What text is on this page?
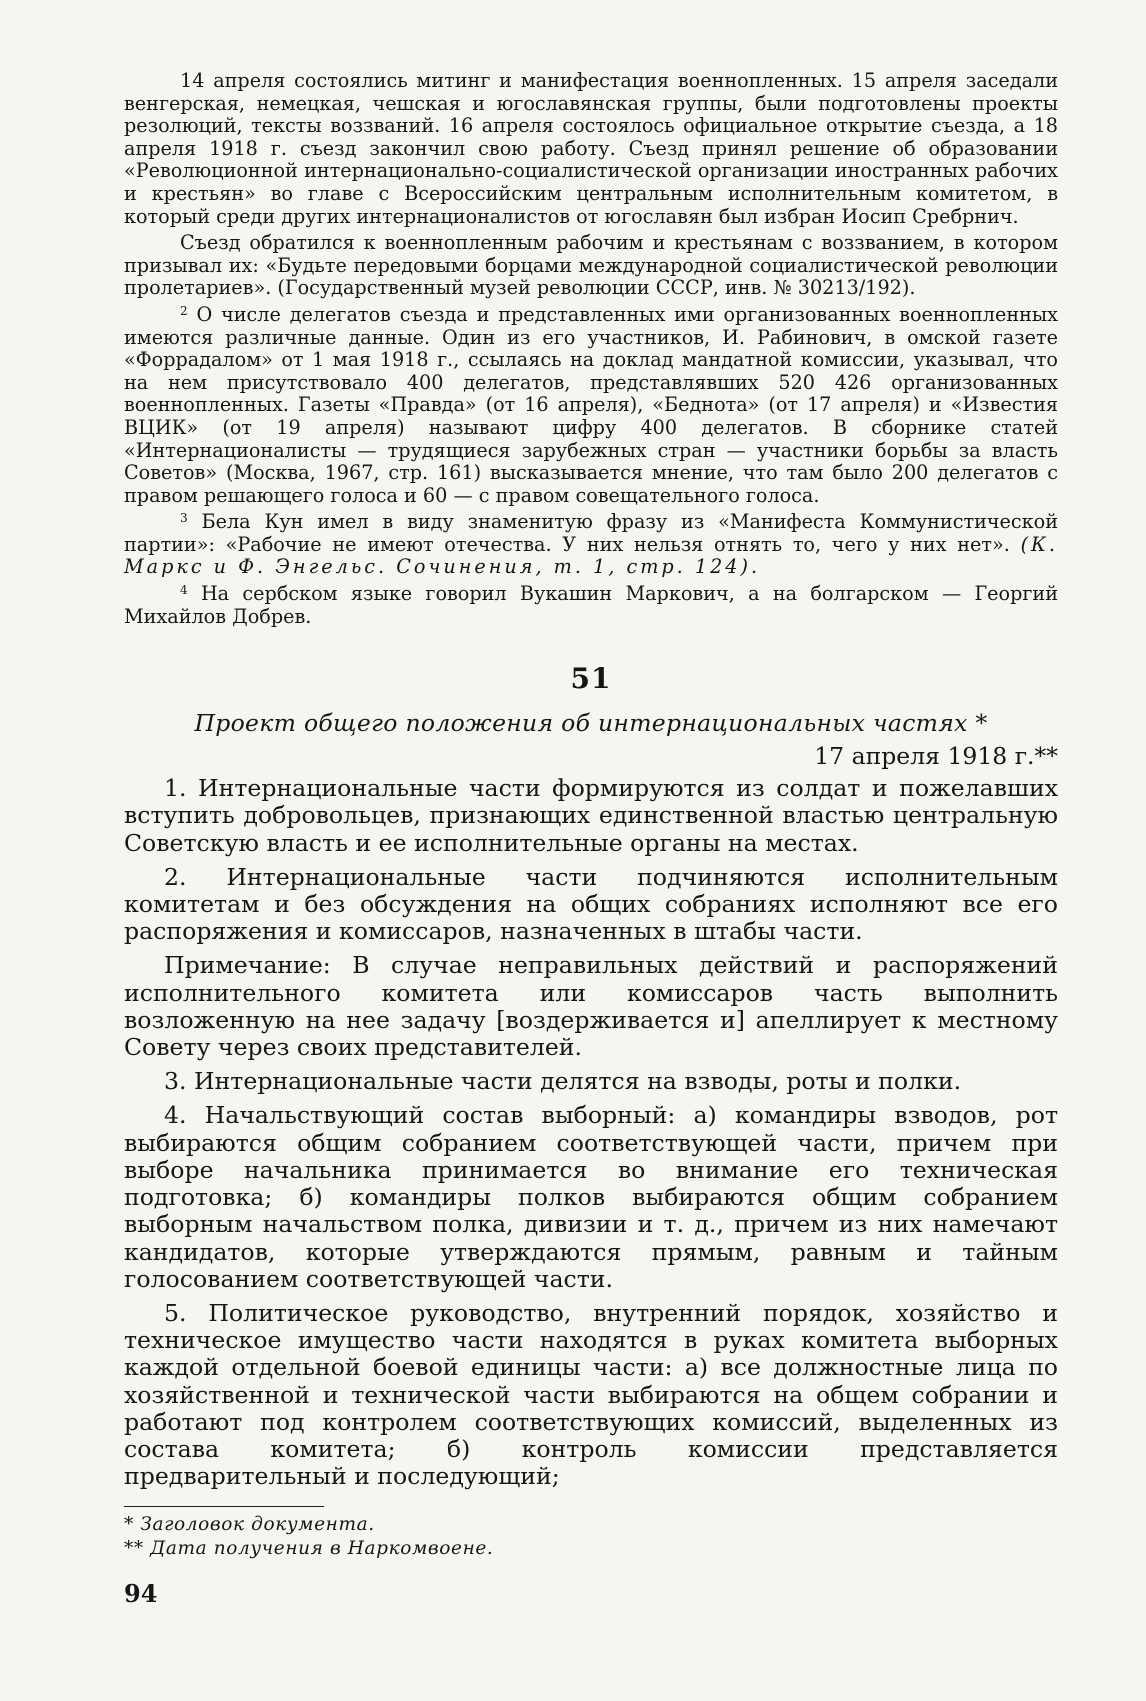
14 апреля состоялись митинг и манифестация военнопленных. 15 апреля заседали венгерская, немецкая, чешская и югославянская группы, были подготовлены проекты резолюций, тексты воззваний. 16 апреля состоялось официальное открытие съезда, а 18 апреля 1918 г. съезд закончил свою работу. Съезд принял решение об образовании «Революционной интернационально-социалистической организации иностранных рабочих и крестьян» во главе с Всероссийским центральным исполнительным комитетом, в который среди других интернационалистов от югославян был избран Иосип Сребрнич.

Съезд обратился к военнопленным рабочим и крестьянам с воззванием, в котором призывал их: «Будьте передовыми борцами международной социалистической революции пролетариев». (Государственный музей революции СССР, инв. № 30213/192).

$^2$ О числе делегатов съезда и представленных ими организованных военнопленных имеются различные данные. Один из его участников, И. Рабинович, в омской газете «Форрадалом» от 1 мая 1918 г., ссылаясь на доклад мандатной комиссии, указывал, что на нем присутствовало 400 делегатов, представлявших 520 426 организованных военнопленных. Газеты «Правда» (от 16 апреля), «Беднота» (от 17 апреля) и «Известия ВЦИК» (от 19 апреля) называют цифру 400 делегатов. В сборнике статей «Интернационалисты — трудящиеся зарубежных стран — участники борьбы за власть Советов» (Москва, 1967, стр. 161) высказывается мнение, что там было 200 делегатов с правом решающего голоса и 60 — с правом совещательного голоса.

$^3$ Бела Кун имел в виду знаменитую фразу из «Манифеста Коммунистической партии»: «Рабочие не имеют отечества. У них нельзя отнять то, чего у них нет». (К. Маркс и Ф. Энгельс. Сочинения, т. 1, стр. 124).

$^4$ На сербском языке говорил Вукашин Маркович, а на болгарском — Георгий Михайлов Добрев.

51
Проект общего положения об интернациональных частях *
17 апреля 1918 г.**

1. Интернациональные части формируются из солдат и пожелавших вступить добровольцев, признающих единственной властью центральную Советскую власть и ее исполнительные органы на местах.

2. Интернациональные части подчиняются исполнительным комитетам и без обсуждения на общих собраниях исполняют все его распоряжения и комиссаров, назначенных в штабы части.

Примечание: В случае неправильных действий и распоряжений исполнительного комитета или комиссаров часть выполнить возложенную на нее задачу [воздерживается и] апеллирует к местному Совету через своих представителей.

3. Интернациональные части делятся на взводы, роты и полки.

4. Начальствующий состав выборный: а) командиры взводов, рот выбираются общим собранием соответствующей части, причем при выборе начальника принимается во внимание его техническая подготовка; б) командиры полков выбираются общим собранием выборным начальством полка, дивизии и т. д., причем из них намечают кандидатов, которые утверждаются прямым, равным и тайным голосованием соответствующей части.

5. Политическое руководство, внутренний порядок, хозяйство и техническое имущество части находятся в руках комитета выборных каждой отдельной боевой единицы части: а) все должностные лица по хозяйственной и технической части выбираются на общем собрании и работают под контролем соответствующих комиссий, выделенных из состава комитета; б) контроль комиссии представляется предварительный и последующий;

* Заголовок документа.

** Дата получения в Наркомвоене.

94
